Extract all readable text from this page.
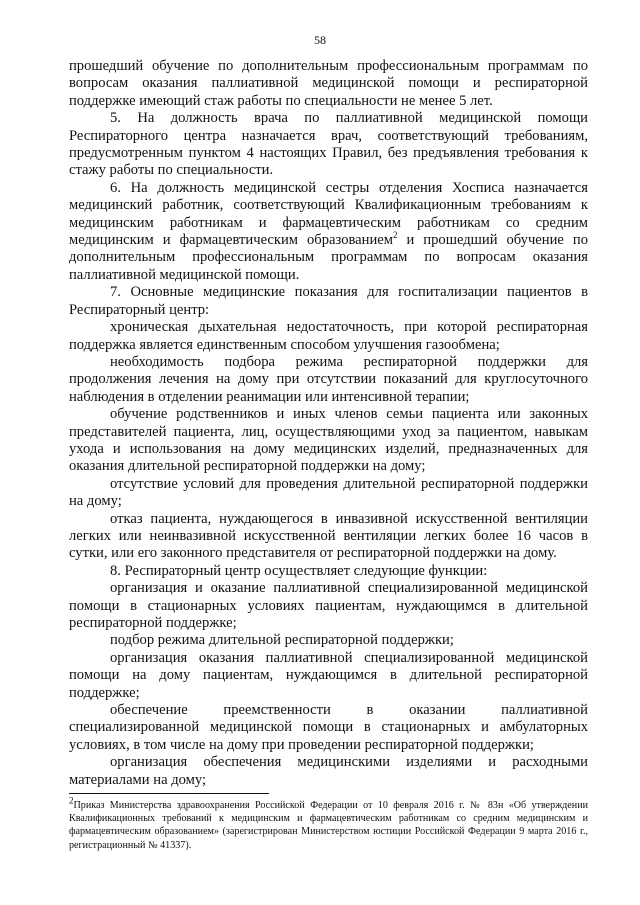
58

прошедший обучение по дополнительным профессиональным программам по вопросам оказания паллиативной медицинской помощи и респираторной поддержке имеющий стаж работы по специальности не менее 5 лет.

5. На должность врача по паллиативной медицинской помощи Респираторного центра назначается врач, соответствующий требованиям, предусмотренным пунктом 4 настоящих Правил, без предъявления требования к стажу работы по специальности.

6. На должность медицинской сестры отделения Хосписа назначается медицинский работник, соответствующий Квалификационным требованиям к медицинским работникам и фармацевтическим работникам со средним медицинским и фармацевтическим образованием$^2$ и прошедший обучение по дополнительным профессиональным программам по вопросам оказания паллиативной медицинской помощи.

7. Основные медицинские показания для госпитализации пациентов в Респираторный центр:

хроническая дыхательная недостаточность, при которой респираторная поддержка является единственным способом улучшения газообмена;

необходимость подбора режима респираторной поддержки для продолжения лечения на дому при отсутствии показаний для круглосуточного наблюдения в отделении реанимации или интенсивной терапии;

обучение родственников и иных членов семьи пациента или законных представителей пациента, лиц, осуществляющими уход за пациентом, навыкам ухода и использования на дому медицинских изделий, предназначенных для оказания длительной респираторной поддержки на дому;

отсутствие условий для проведения длительной респираторной поддержки на дому;

отказ пациента, нуждающегося в инвазивной искусственной вентиляции легких или неинвазивной искусственной вентиляции легких более 16 часов в сутки, или его законного представителя от респираторной поддержки на дому.

8. Респираторный центр осуществляет следующие функции:

организация и оказание паллиативной специализированной медицинской помощи в стационарных условиях пациентам, нуждающимся в длительной респираторной поддержке;

подбор режима длительной респираторной поддержки;

организация оказания паллиативной специализированной медицинской помощи на дому пациентам, нуждающимся в длительной респираторной поддержке;

обеспечение преемственности в оказании паллиативной специализированной медицинской помощи в стационарных и амбулаторных условиях, в том числе на дому при проведении респираторной поддержки;

организация обеспечения медицинскими изделиями и расходными материалами на дому;

2Приказ Министерства здравоохранения Российской Федерации от 10 февраля 2016 г. № 83н «Об утверждении Квалификационных требований к медицинским и фармацевтическим работникам со средним медицинским и фармацевтическим образованием» (зарегистрирован Министерством юстиции Российской Федерации 9 марта 2016 г., регистрационный № 41337).
